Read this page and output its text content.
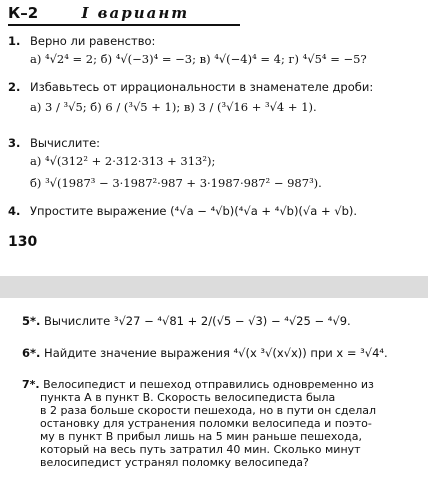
К–2	I вариант
1. Верно ли равенство:
а) ⁴√2⁴ = 2; б) ⁴√(−3)⁴ = −3; в) ⁴√(−4)⁴ = 4; г) ⁴√5⁴ = −5?
2. Избавьтесь от иррациональности в знаменателе дроби:
а) 3 / ³√5; б) 6 / (³√5 + 1); в) 3 / (³√16 + ³√4 + 1).
3. Вычислите:
а) ⁴√(312² + 2·312·313 + 313²);
б) ³√(1987³ − 3·1987²·987 + 3·1987·987² − 987³).
4. Упростите выражение (⁴√a − ⁴√b)(⁴√a + ⁴√b)(√a + √b).
130
5*. Вычислите ³√27 − ⁴√81 + 2/(√5 − √3) − ⁴√25 − ⁴√9.
6*. Найдите значение выражения ⁴√(x ³√(x√x)) при x = ³√4⁴.
7*. Велосипедист и пешеход отправились одновременно из
пункта A в пункт B. Скорость велосипедиста была
в 2 раза больше скорости пешехода, но в пути он сделал
остановку для устранения поломки велосипеда и поэто-
му в пункт B прибыл лишь на 5 мин раньше пешехода,
который на весь путь затратил 40 мин. Сколько минут
велосипедист устранял поломку велосипеда?
